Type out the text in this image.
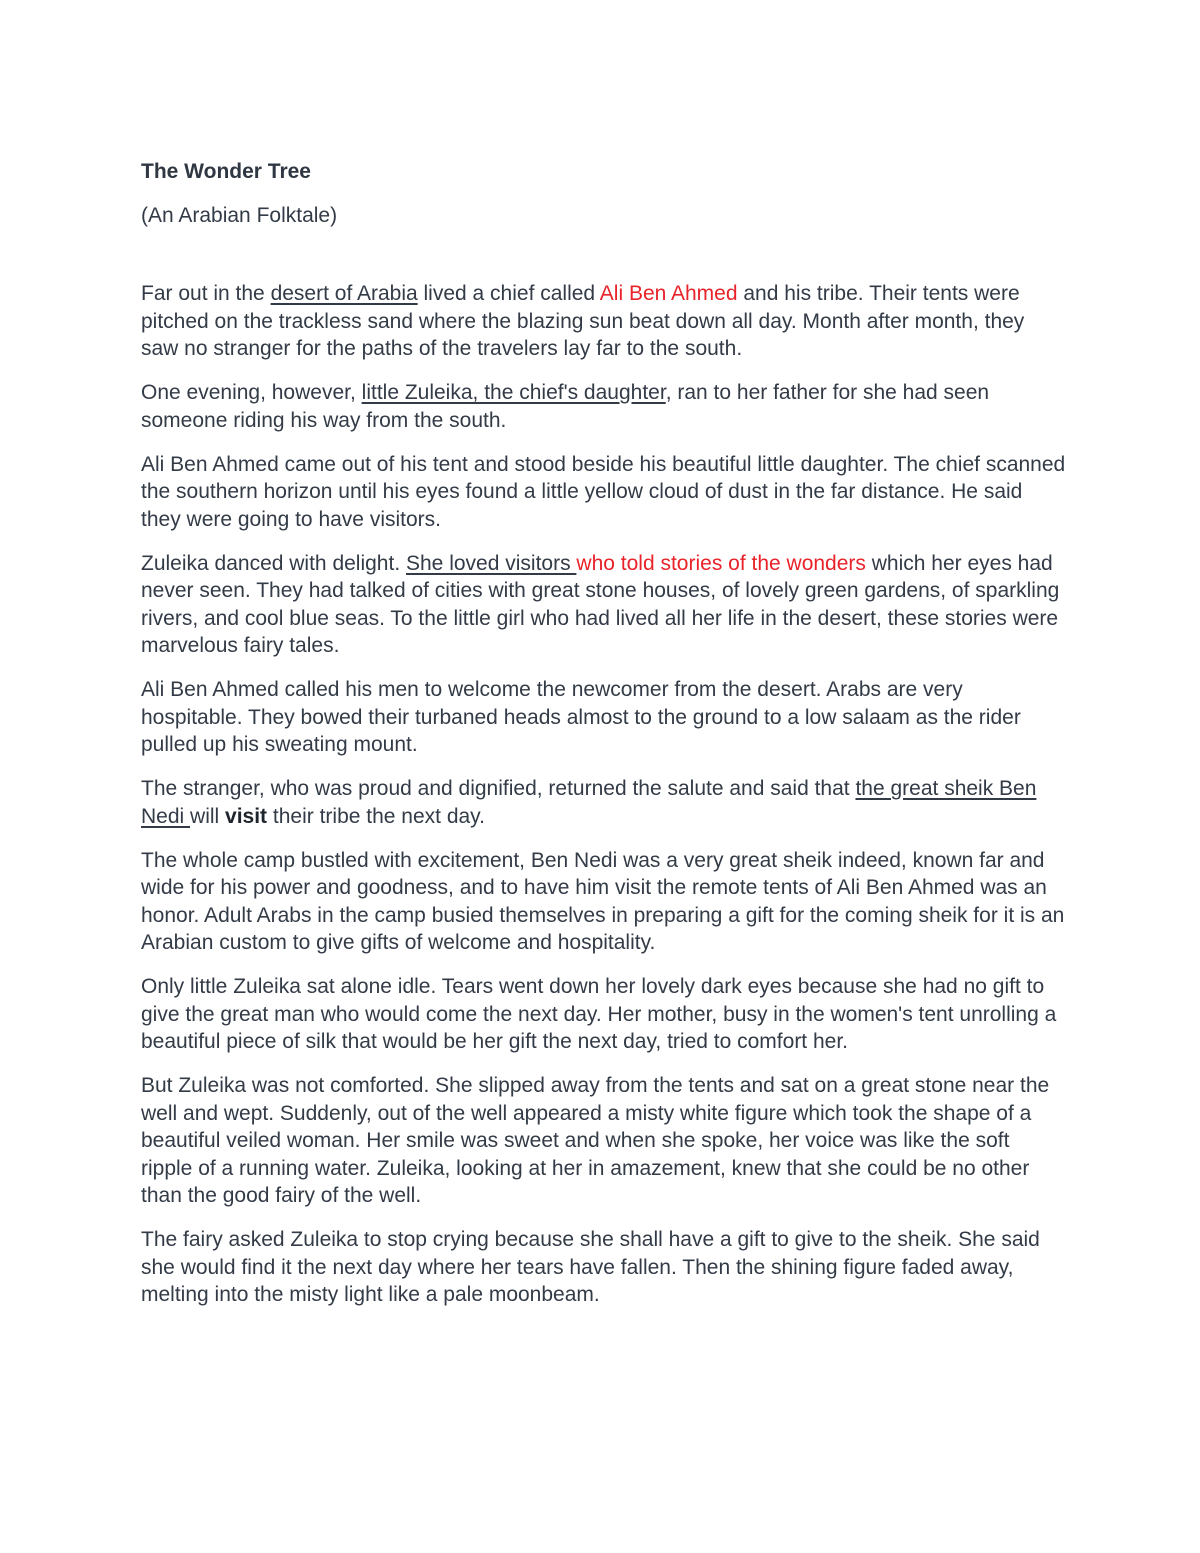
The Wonder Tree
(An Arabian Folktale)

Far out in the desert of Arabia lived a chief called Ali Ben Ahmed and his tribe. Their tents were pitched on the trackless sand where the blazing sun beat down all day. Month after month, they saw no stranger for the paths of the travelers lay far to the south.

One evening, however, little Zuleika, the chief's daughter, ran to her father for she had seen someone riding his way from the south.

Ali Ben Ahmed came out of his tent and stood beside his beautiful little daughter. The chief scanned the southern horizon until his eyes found a little yellow cloud of dust in the far distance. He said they were going to have visitors.

Zuleika danced with delight. She loved visitors who told stories of the wonders which her eyes had never seen. They had talked of cities with great stone houses, of lovely green gardens, of sparkling rivers, and cool blue seas. To the little girl who had lived all her life in the desert, these stories were marvelous fairy tales.

Ali Ben Ahmed called his men to welcome the newcomer from the desert. Arabs are very hospitable. They bowed their turbaned heads almost to the ground to a low salaam as the rider pulled up his sweating mount.

The stranger, who was proud and dignified, returned the salute and said that the great sheik Ben Nedi will visit their tribe the next day.

The whole camp bustled with excitement, Ben Nedi was a very great sheik indeed, known far and wide for his power and goodness, and to have him visit the remote tents of Ali Ben Ahmed was an honor. Adult Arabs in the camp busied themselves in preparing a gift for the coming sheik for it is an Arabian custom to give gifts of welcome and hospitality.

Only little Zuleika sat alone idle. Tears went down her lovely dark eyes because she had no gift to give the great man who would come the next day. Her mother, busy in the women's tent unrolling a beautiful piece of silk that would be her gift the next day, tried to comfort her.

But Zuleika was not comforted. She slipped away from the tents and sat on a great stone near the well and wept. Suddenly, out of the well appeared a misty white figure which took the shape of a beautiful veiled woman. Her smile was sweet and when she spoke, her voice was like the soft ripple of a running water. Zuleika, looking at her in amazement, knew that she could be no other than the good fairy of the well.

The fairy asked Zuleika to stop crying because she shall have a gift to give to the sheik. She said she would find it the next day where her tears have fallen. Then the shining figure faded away, melting into the misty light like a pale moonbeam.
